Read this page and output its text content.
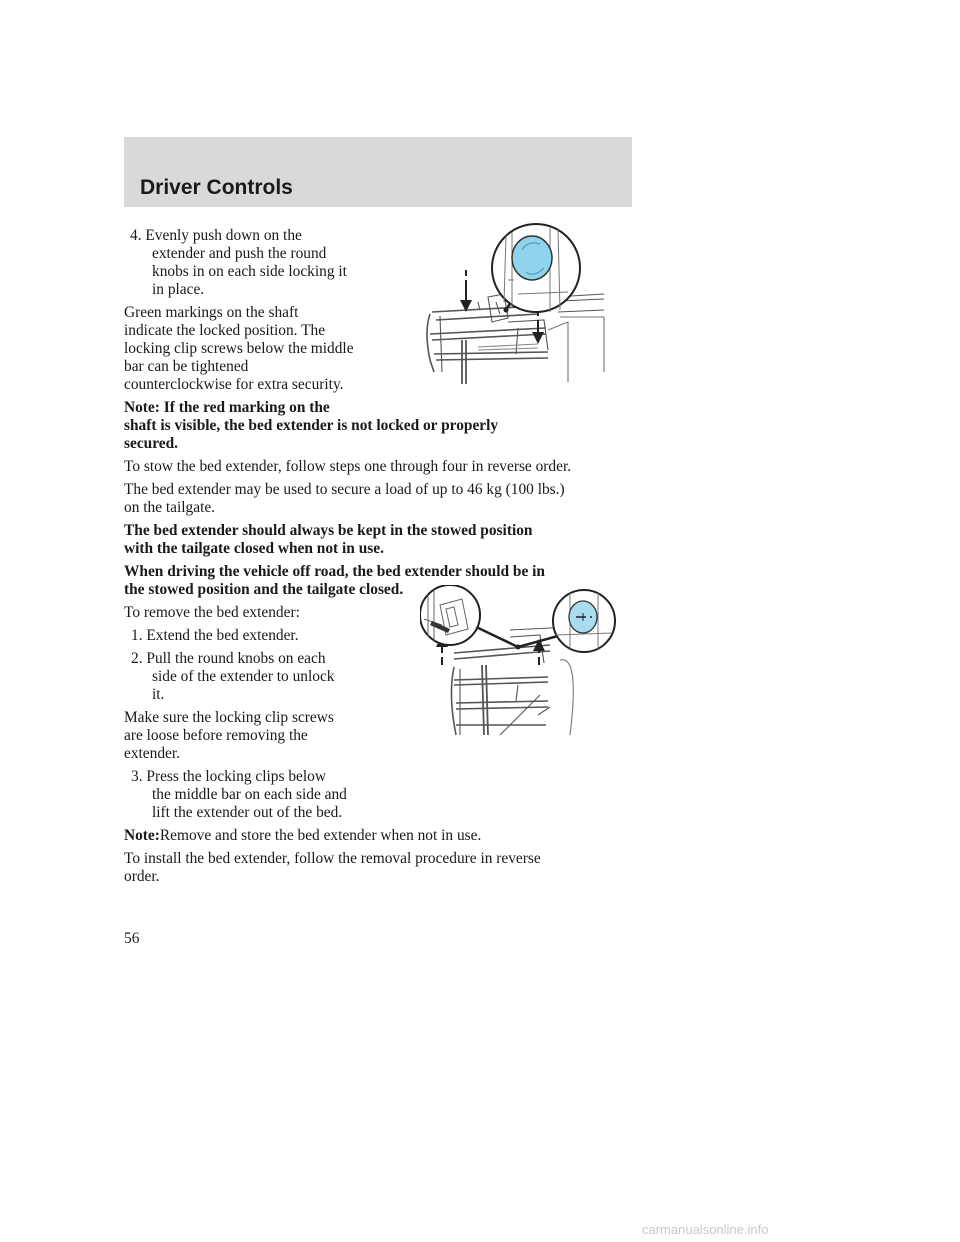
Driver Controls
4. Evenly push down on the
extender and push the round
knobs in on each side locking it
in place.
Green markings on the shaft
indicate the locked position. The
locking clip screws below the middle
bar can be tightened
counterclockwise for extra security.
Note: If the red marking on the
shaft is visible, the bed extender is not locked or properly
secured.
To stow the bed extender, follow steps one through four in reverse order.
The bed extender may be used to secure a load of up to 46 kg (100 lbs.)
on the tailgate.
The bed extender should always be kept in the stowed position
with the tailgate closed when not in use.
When driving the vehicle off road, the bed extender should be in
the stowed position and the tailgate closed.
To remove the bed extender:
1. Extend the bed extender.
2. Pull the round knobs on each
side of the extender to unlock
it.
Make sure the locking clip screws
are loose before removing the
extender.
3. Press the locking clips below
the middle bar on each side and
lift the extender out of the bed.
Note:Remove and store the bed extender when not in use.
To install the bed extender, follow the removal procedure in reverse
order.
56
carmanualsonline.info
